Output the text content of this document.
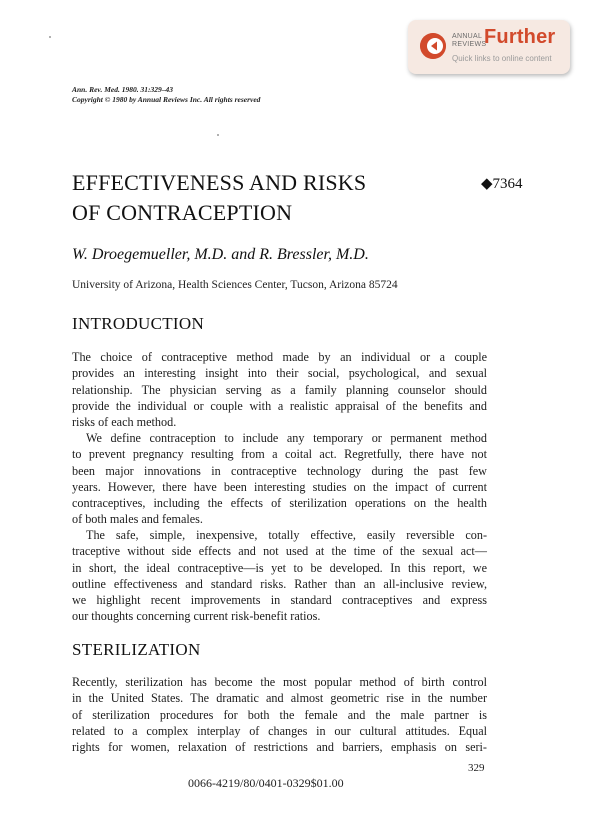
ANNUAL
REVIEWS
Further
Quick links to online content
Ann. Rev. Med. 1980. 31:329–43
Copyright © 1980 by Annual Reviews Inc. All rights reserved
EFFECTIVENESS AND RISKS
OF CONTRACEPTION
◆7364
W. Droegemueller, M.D. and R. Bressler, M.D.
University of Arizona, Health Sciences Center, Tucson, Arizona 85724
INTRODUCTION
The choice of contraceptive method made by an individual or a couple
provides an interesting insight into their social, psychological, and sexual
relationship. The physician serving as a family planning counselor should
provide the individual or couple with a realistic appraisal of the benefits and
risks of each method.
We define contraception to include any temporary or permanent method
to prevent pregnancy resulting from a coital act. Regretfully, there have not
been major innovations in contraceptive technology during the past few
years. However, there have been interesting studies on the impact of current
contraceptives, including the effects of sterilization operations on the health
of both males and females.
The safe, simple, inexpensive, totally effective, easily reversible con-
traceptive without side effects and not used at the time of the sexual act—
in short, the ideal contraceptive—is yet to be developed. In this report, we
outline effectiveness and standard risks. Rather than an all-inclusive review,
we highlight recent improvements in standard contraceptives and express
our thoughts concerning current risk-benefit ratios.
STERILIZATION
Recently, sterilization has become the most popular method of birth control
in the United States. The dramatic and almost geometric rise in the number
of sterilization procedures for both the female and the male partner is
related to a complex interplay of changes in our cultural attitudes. Equal
rights for women, relaxation of restrictions and barriers, emphasis on seri-
329
0066-4219/80/0401-0329$01.00
